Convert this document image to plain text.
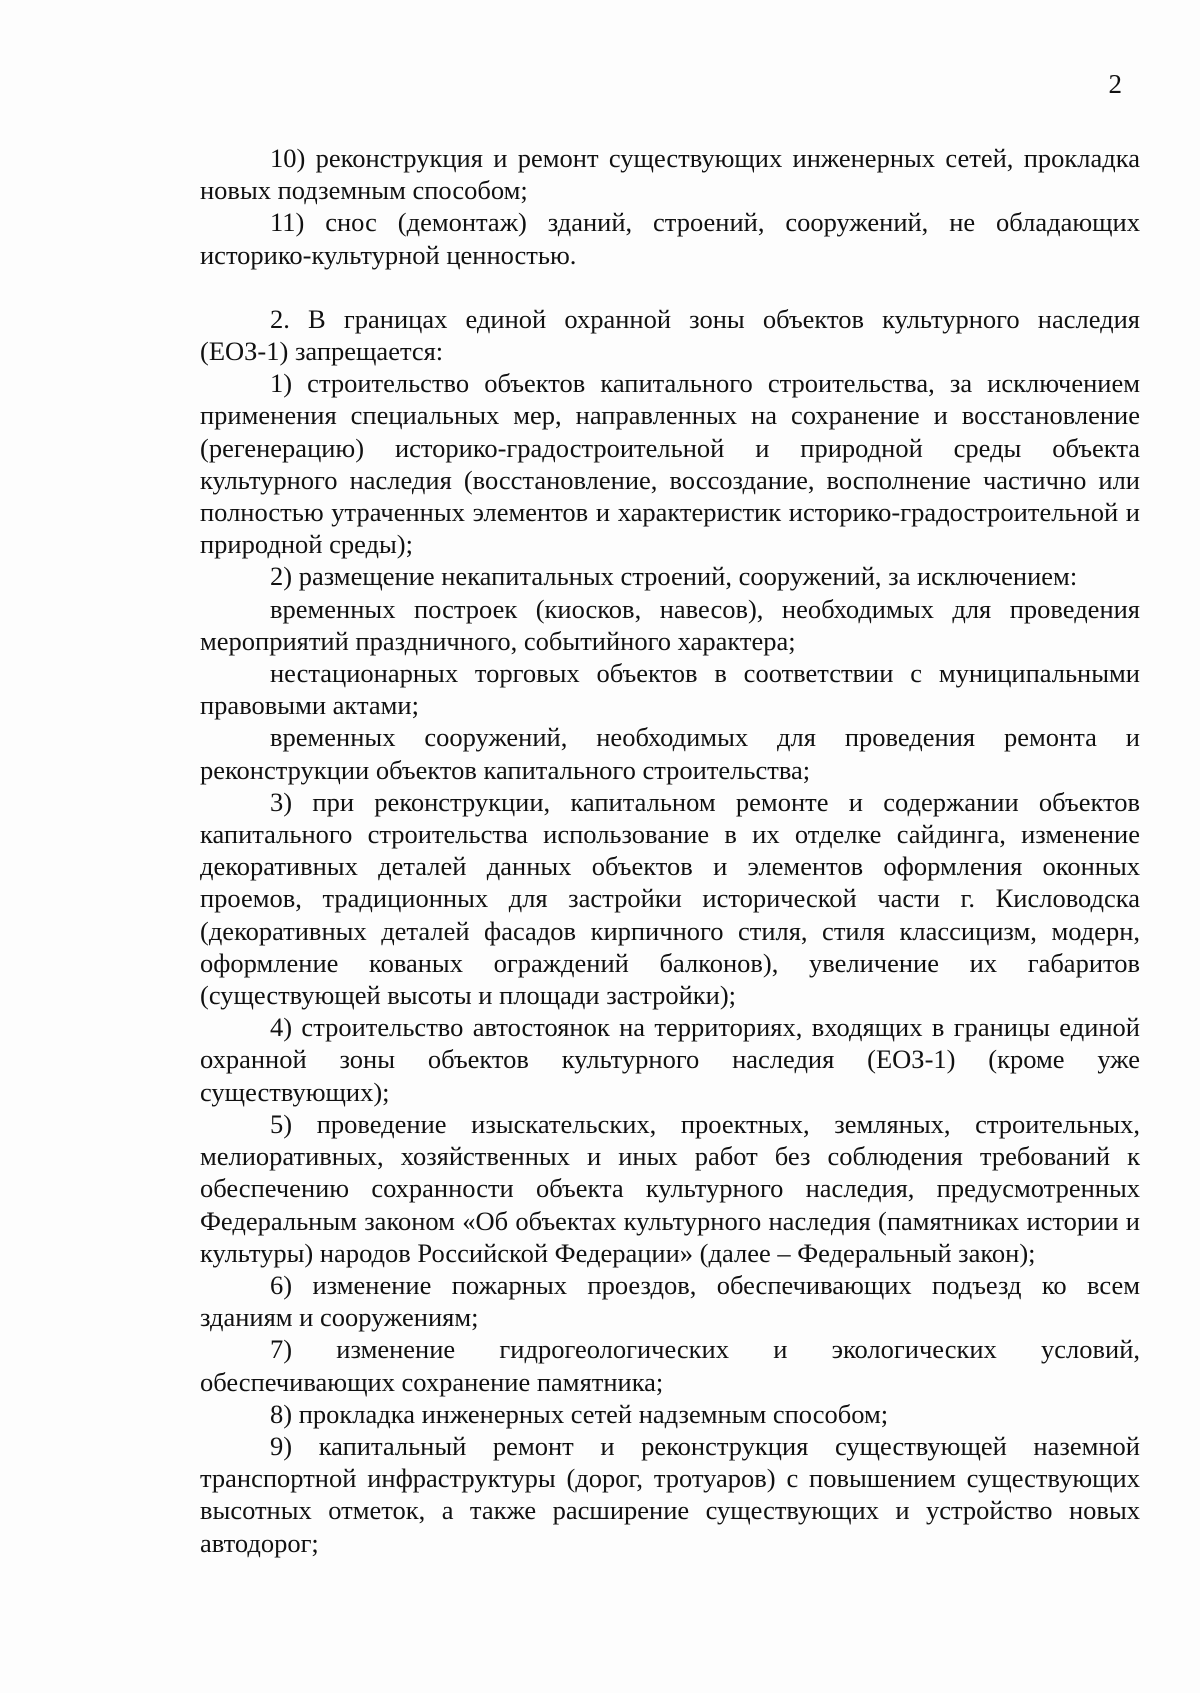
2

10) реконструкция и ремонт существующих инженерных сетей, прокладка новых подземным способом;

11) снос (демонтаж) зданий, строений, сооружений, не обладающих историко-культурной ценностью.

2. В границах единой охранной зоны объектов культурного наследия (ЕОЗ-1) запрещается:

1) строительство объектов капитального строительства, за исключением применения специальных мер, направленных на сохранение и восстановление (регенерацию) историко-градостроительной и природной среды объекта культурного наследия (восстановление, воссоздание, восполнение частично или полностью утраченных элементов и характеристик историко-градостроительной и природной среды);

2) размещение некапитальных строений, сооружений, за исключением:

временных построек (киосков, навесов), необходимых для проведения мероприятий праздничного, событийного характера;

нестационарных торговых объектов в соответствии с муниципальными правовыми актами;

временных сооружений, необходимых для проведения ремонта и реконструкции объектов капитального строительства;

3) при реконструкции, капитальном ремонте и содержании объектов капитального строительства использование в их отделке сайдинга, изменение декоративных деталей данных объектов и элементов оформления оконных проемов, традиционных для застройки исторической части г. Кисловодска (декоративных деталей фасадов кирпичного стиля, стиля классицизм, модерн, оформление кованых ограждений балконов), увеличение их габаритов (существующей высоты и площади застройки);

4) строительство автостоянок на территориях, входящих в границы единой охранной зоны объектов культурного наследия (ЕОЗ-1) (кроме уже существующих);

5) проведение изыскательских, проектных, земляных, строительных, мелиоративных, хозяйственных и иных работ без соблюдения требований к обеспечению сохранности объекта культурного наследия, предусмотренных Федеральным законом «Об объектах культурного наследия (памятниках истории и культуры) народов Российской Федерации» (далее – Федеральный закон);

6) изменение пожарных проездов, обеспечивающих подъезд ко всем зданиям и сооружениям;

7) изменение гидрогеологических и экологических условий, обеспечивающих сохранение памятника;

8) прокладка инженерных сетей надземным способом;

9) капитальный ремонт и реконструкция существующей наземной транспортной инфраструктуры (дорог, тротуаров) с повышением существующих высотных отметок, а также расширение существующих и устройство новых автодорог;
